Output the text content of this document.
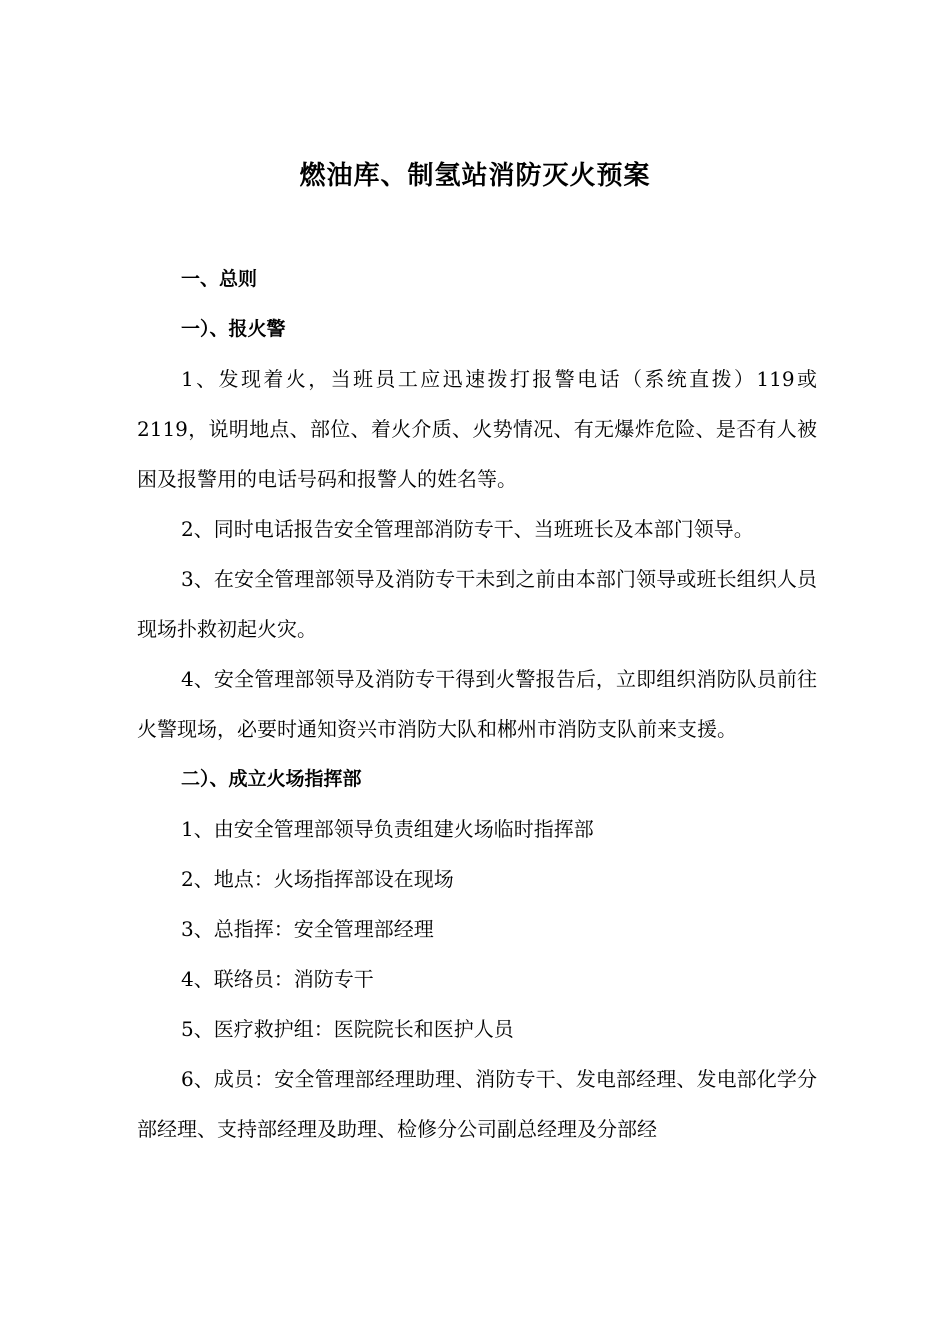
燃油库、制氢站消防灭火预案

一、总则

一）、报火警

1、发现着火，当班员工应迅速拨打报警电话（系统直拨）119或2119，说明地点、部位、着火介质、火势情况、有无爆炸危险、是否有人被困及报警用的电话号码和报警人的姓名等。

2、同时电话报告安全管理部消防专干、当班班长及本部门领导。

3、在安全管理部领导及消防专干未到之前由本部门领导或班长组织人员现场扑救初起火灾。

4、安全管理部领导及消防专干得到火警报告后，立即组织消防队员前往火警现场，必要时通知资兴市消防大队和郴州市消防支队前来支援。

二）、成立火场指挥部

1、由安全管理部领导负责组建火场临时指挥部

2、地点：火场指挥部设在现场

3、总指挥：安全管理部经理

4、联络员：消防专干

5、医疗救护组：医院院长和医护人员

6、成员：安全管理部经理助理、消防专干、发电部经理、发电部化学分部经理、支持部经理及助理、检修分公司副总经理及分部经
